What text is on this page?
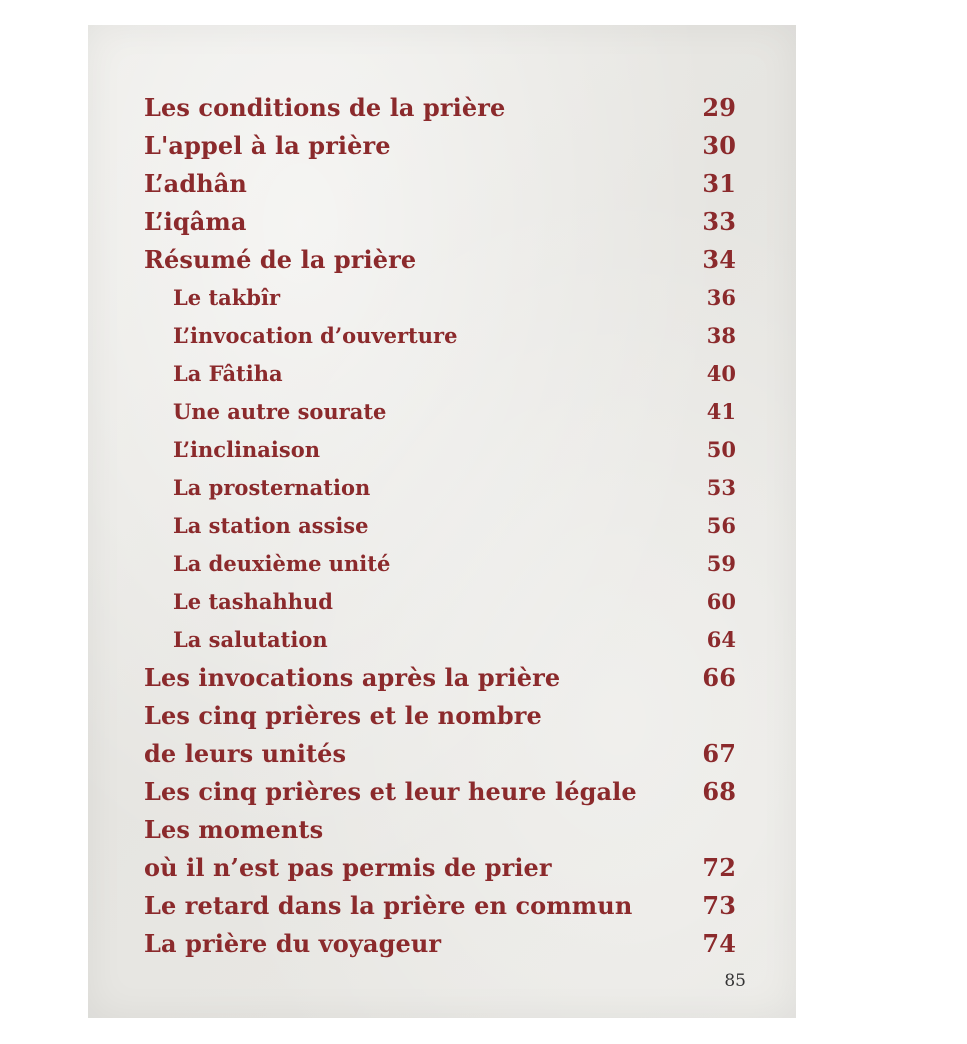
Les conditions de la prière	29
L'appel à la prière	30
L’adhân	31
L’iqâma	33
Résumé de la prière	34
Le takbîr	36
L’invocation d’ouverture	38
La Fâtiha	40
Une autre sourate	41
L’inclinaison	50
La prosternation	53
La station assise	56
La deuxième unité	59
Le tashahhud	60
La salutation	64
Les invocations après la prière	66
Les cinq prières et le nombre
de leurs unités	67
Les cinq prières et leur heure légale	68
Les moments
où il n’est pas permis de prier	72
Le retard dans la prière en commun	73
La prière du voyageur	74
85
